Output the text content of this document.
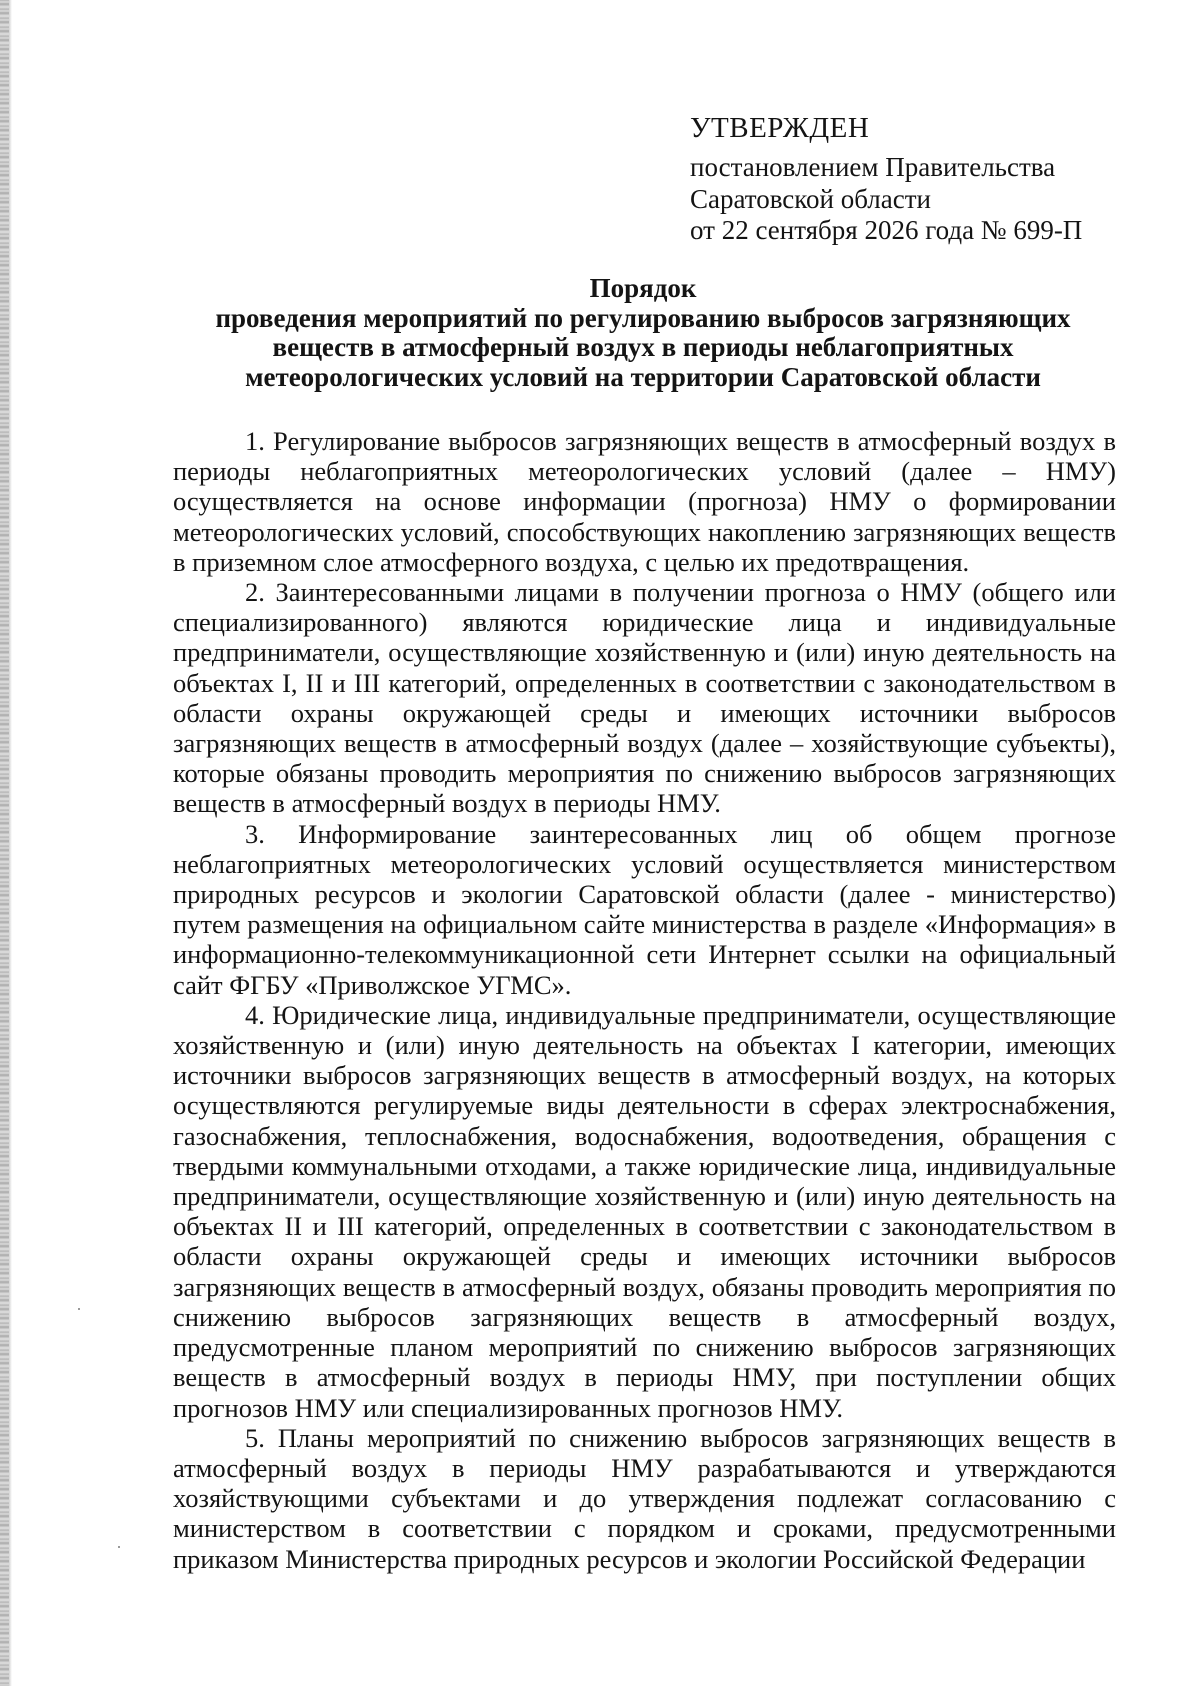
УТВЕРЖДЕН

постановлением Правительства

Саратовской области

от 22 сентября 2026 года № 699-П

Порядок

проведения мероприятий по регулированию выбросов загрязняющих

веществ в атмосферный воздух в периоды неблагоприятных

метеорологических условий на территории Саратовской области

1. Регулирование выбросов загрязняющих веществ в атмосферный воздух в периоды неблагоприятных метеорологических условий (далее – НМУ) осуществляется на основе информации (прогноза) НМУ о формировании метеорологических условий, способствующих накоплению загрязняющих веществ в приземном слое атмосферного воздуха, с целью их предотвращения.

2. Заинтересованными лицами в получении прогноза о НМУ (общего или специализированного) являются юридические лица и индивидуальные предприниматели, осуществляющие хозяйственную и (или) иную деятельность на объектах I, II и III категорий, определенных в соответствии с законодательством в области охраны окружающей среды и имеющих источники выбросов загрязняющих веществ в атмосферный воздух (далее – хозяйствующие субъекты), которые обязаны проводить мероприятия по снижению выбросов загрязняющих веществ в атмосферный воздух в периоды НМУ.

3. Информирование заинтересованных лиц об общем прогнозе неблагоприятных метеорологических условий осуществляется министерством природных ресурсов и экологии Саратовской области (далее - министерство) путем размещения на официальном сайте министерства в разделе «Информация» в информационно-телекоммуникационной сети Интернет ссылки на официальный сайт ФГБУ «Приволжское УГМС».

4. Юридические лица, индивидуальные предприниматели, осуществляющие хозяйственную и (или) иную деятельность на объектах I категории, имеющих источники выбросов загрязняющих веществ в атмосферный воздух, на которых осуществляются регулируемые виды деятельности в сферах электроснабжения, газоснабжения, теплоснабжения, водоснабжения, водоотведения, обращения с твердыми коммунальными отходами, а также юридические лица, индивидуальные предприниматели, осуществляющие хозяйственную и (или) иную деятельность на объектах II и III категорий, определенных в соответствии с законодательством в области охраны окружающей среды и имеющих источники выбросов загрязняющих веществ в атмосферный воздух, обязаны проводить мероприятия по снижению выбросов загрязняющих веществ в атмосферный воздух, предусмотренные планом мероприятий по снижению выбросов загрязняющих веществ в атмосферный воздух в периоды НМУ, при поступлении общих прогнозов НМУ или специализированных прогнозов НМУ.

5. Планы мероприятий по снижению выбросов загрязняющих веществ в атмосферный воздух в периоды НМУ разрабатываются и утверждаются хозяйствующими субъектами и до утверждения подлежат согласованию с министерством в соответствии с порядком и сроками, предусмотренными приказом Министерства природных ресурсов и экологии Российской Федерации
